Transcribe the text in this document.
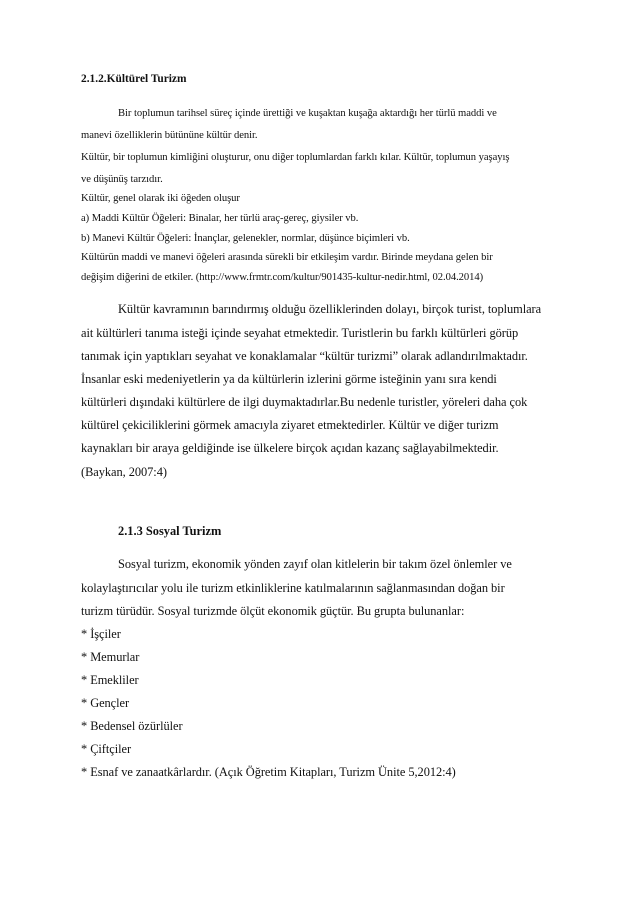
2.1.2.Kültürel Turizm
Bir toplumun tarihsel süreç içinde ürettiği ve kuşaktan kuşağa aktardığı her türlü maddi ve
manevi özelliklerin bütününe kültür denir.
Kültür, bir toplumun kimliğini oluşturur, onu diğer toplumlardan farklı kılar. Kültür, toplumun yaşayış
ve düşünüş tarzıdır.
Kültür, genel olarak iki öğeden oluşur
a) Maddi Kültür Öğeleri: Binalar, her türlü araç-gereç, giysiler vb.
b) Manevi Kültür Öğeleri: İnançlar, gelenekler, normlar, düşünce biçimleri vb.
Kültürün maddi ve manevi öğeleri arasında sürekli bir etkileşim vardır. Birinde meydana gelen bir
değişim diğerini de etkiler. (http://www.frmtr.com/kultur/901435-kultur-nedir.html, 02.04.2014)
Kültür kavramının barındırmış olduğu özelliklerinden dolayı, birçok turist, toplumlara
ait kültürleri tanıma isteği içinde seyahat etmektedir. Turistlerin bu farklı kültürleri görüp
tanımak için yaptıkları seyahat ve konaklamalar “kültür turizmi” olarak adlandırılmaktadır.
İnsanlar eski medeniyetlerin ya da kültürlerin izlerini görme isteğinin yanı sıra kendi
kültürleri dışındaki kültürlere de ilgi duymaktadırlar.Bu nedenle turistler, yöreleri daha çok
kültürel çekiciliklerini görmek amacıyla ziyaret etmektedirler. Kültür ve diğer turizm
kaynakları bir araya geldiğinde ise ülkelere birçok açıdan kazanç sağlayabilmektedir.
(Baykan, 2007:4)
2.1.3 Sosyal Turizm
Sosyal turizm, ekonomik yönden zayıf olan kitlelerin bir takım özel önlemler ve
kolaylaştırıcılar yolu ile turizm etkinliklerine katılmalarının sağlanmasından doğan bir
turizm türüdür. Sosyal turizmde ölçüt ekonomik güçtür. Bu grupta bulunanlar:
* İşçiler
* Memurlar
* Emekliler
* Gençler
* Bedensel özürlüler
* Çiftçiler
* Esnaf ve zanaatkârlardır. (Açık Öğretim Kitapları, Turizm Ünite 5,2012:4)
